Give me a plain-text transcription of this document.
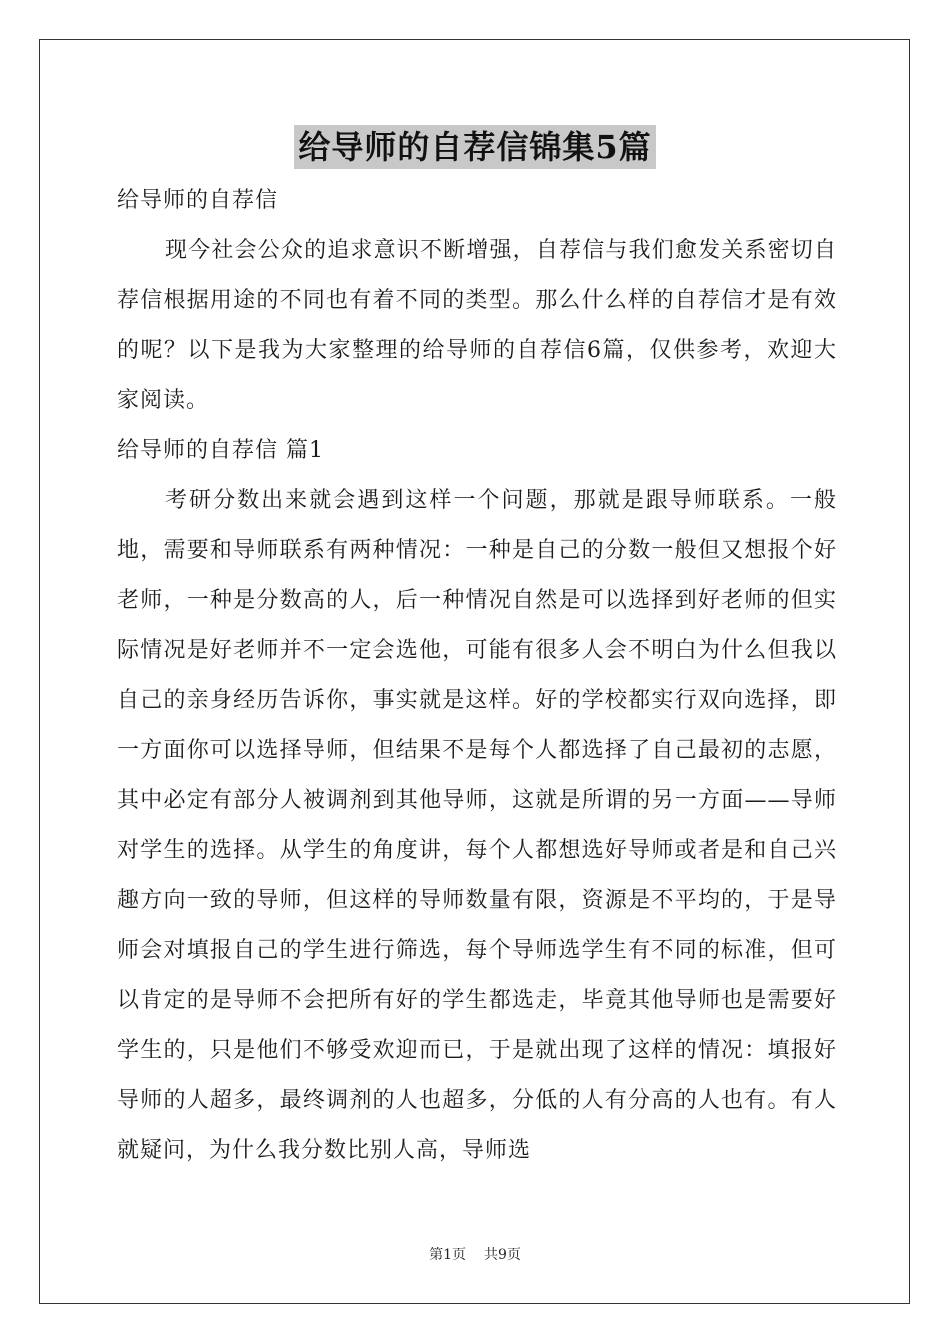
给导师的自荐信锦集5篇

给导师的自荐信

现今社会公众的追求意识不断增强，自荐信与我们愈发关系密切自荐信根据用途的不同也有着不同的类型。那么什么样的自荐信才是有效的呢？以下是我为大家整理的给导师的自荐信6篇，仅供参考，欢迎大家阅读。

给导师的自荐信 篇1

考研分数出来就会遇到这样一个问题，那就是跟导师联系。一般地，需要和导师联系有两种情况：一种是自己的分数一般但又想报个好老师，一种是分数高的人，后一种情况自然是可以选择到好老师的但实际情况是好老师并不一定会选他，可能有很多人会不明白为什么但我以自己的亲身经历告诉你，事实就是这样。好的学校都实行双向选择，即一方面你可以选择导师，但结果不是每个人都选择了自己最初的志愿，其中必定有部分人被调剂到其他导师，这就是所谓的另一方面——导师对学生的选择。从学生的角度讲，每个人都想选好导师或者是和自己兴趣方向一致的导师，但这样的导师数量有限，资源是不平均的，于是导师会对填报自己的学生进行筛选，每个导师选学生有不同的标准，但可以肯定的是导师不会把所有好的学生都选走，毕竟其他导师也是需要好学生的，只是他们不够受欢迎而已，于是就出现了这样的情况：填报好导师的人超多，最终调剂的人也超多，分低的人有分高的人也有。有人就疑问，为什么我分数比别人高，导师选

第1页 共9页
